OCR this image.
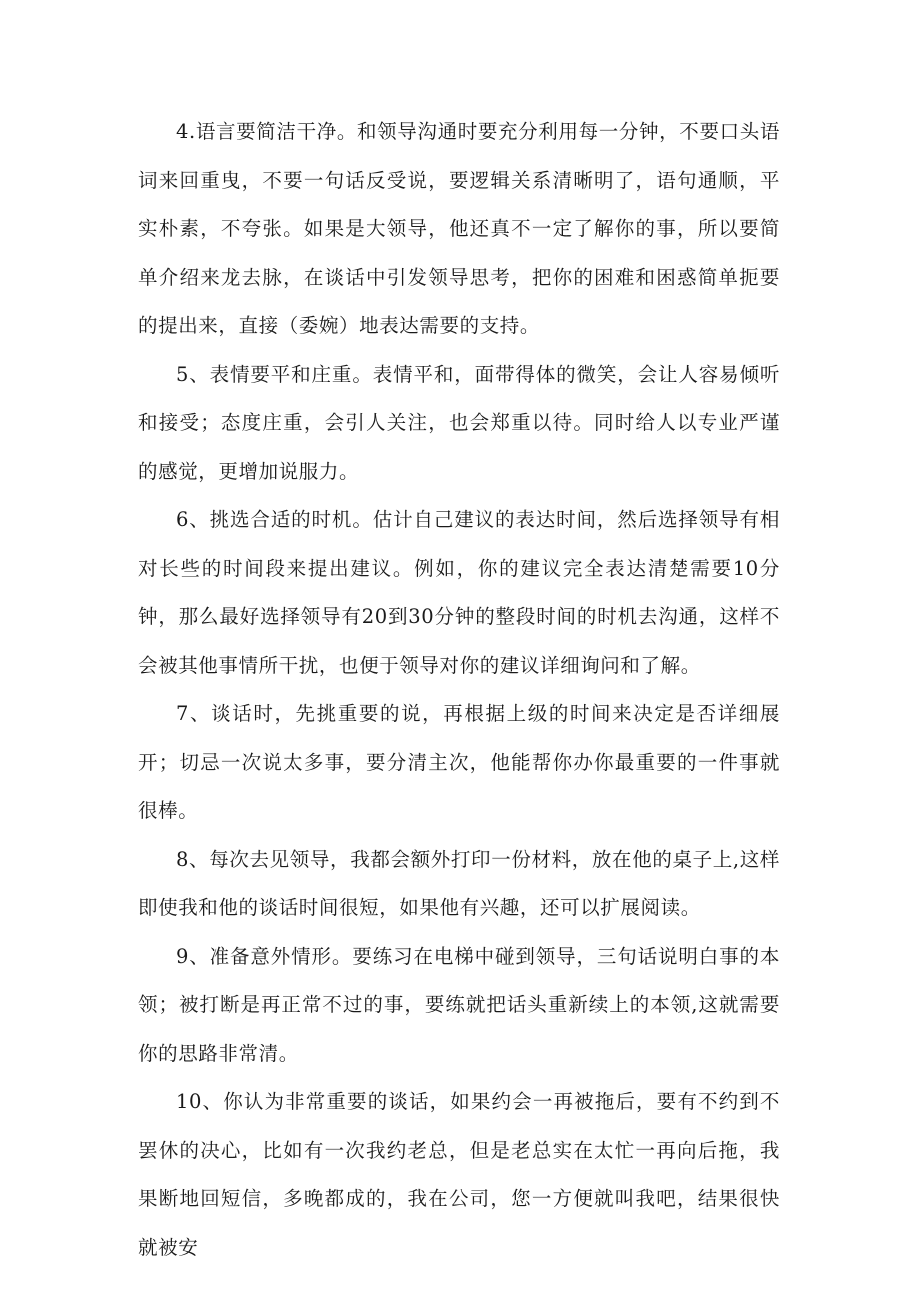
4.语言要简洁干净。和领导沟通时要充分利用每一分钟，不要口头语词来回重曳，不要一句话反受说，要逻辑关系清晰明了，语句通顺，平实朴素，不夸张。如果是大领导，他还真不一定了解你的事，所以要简单介绍来龙去脉，在谈话中引发领导思考，把你的困难和困惑简单扼要的提出来，直接（委婉）地表达需要的支持。

5、表情要平和庄重。表情平和，面带得体的微笑，会让人容易倾听和接受；态度庄重，会引人关注，也会郑重以待。同时给人以专业严谨的感觉，更增加说服力。

6、挑选合适的时机。估计自己建议的表达时间，然后选择领导有相对长些的时间段来提出建议。例如，你的建议完全表达清楚需要10分钟，那么最好选择领导有20到30分钟的整段时间的时机去沟通，这样不会被其他事情所干扰，也便于领导对你的建议详细询问和了解。

7、谈话时，先挑重要的说，再根据上级的时间来决定是否详细展开；切忌一次说太多事，要分清主次，他能帮你办你最重要的一件事就很棒。

8、每次去见领导，我都会额外打印一份材料，放在他的桌子上,这样即使我和他的谈话时间很短，如果他有兴趣，还可以扩展阅读。

9、准备意外情形。要练习在电梯中碰到领导，三句话说明白事的本领；被打断是再正常不过的事，要练就把话头重新续上的本领,这就需要你的思路非常清。

10、你认为非常重要的谈话，如果约会一再被拖后，要有不约到不罢休的决心，比如有一次我约老总，但是老总实在太忙一再向后拖，我果断地回短信，多晚都成的，我在公司，您一方便就叫我吧，结果很快就被安
